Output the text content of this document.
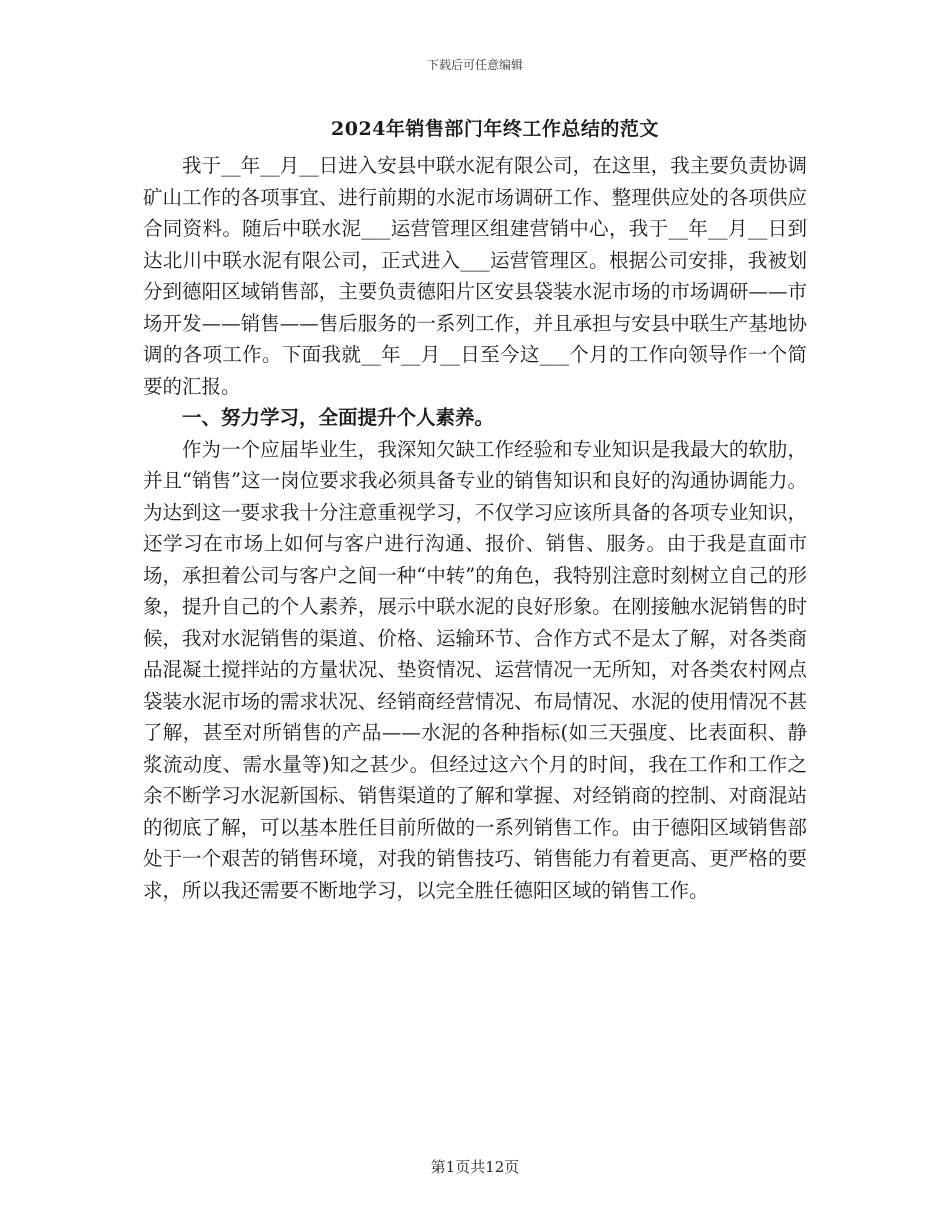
下载后可任意编辑
2024年销售部门年终工作总结的范文

我于__年__月__日进入安县中联水泥有限公司，在这里，我主要负责协调矿山工作的各项事宜、进行前期的水泥市场调研工作、整理供应处的各项供应合同资料。随后中联水泥___运营管理区组建营销中心，我于__年__月__日到达北川中联水泥有限公司，正式进入___运营管理区。根据公司安排，我被划分到德阳区域销售部，主要负责德阳片区安县袋装水泥市场的市场调研——市场开发——销售——售后服务的一系列工作，并且承担与安县中联生产基地协调的各项工作。下面我就__年__月__日至今这___个月的工作向领导作一个简要的汇报。

一、努力学习，全面提升个人素养。

作为一个应届毕业生，我深知欠缺工作经验和专业知识是我最大的软肋，并且“销售”这一岗位要求我必须具备专业的销售知识和良好的沟通协调能力。为达到这一要求我十分注意重视学习，不仅学习应该所具备的各项专业知识，还学习在市场上如何与客户进行沟通、报价、销售、服务。由于我是直面市场，承担着公司与客户之间一种“中转”的角色，我特别注意时刻树立自己的形象，提升自己的个人素养，展示中联水泥的良好形象。在刚接触水泥销售的时候，我对水泥销售的渠道、价格、运输环节、合作方式不是太了解，对各类商品混凝土搅拌站的方量状况、垫资情况、运营情况一无所知，对各类农村网点袋装水泥市场的需求状况、经销商经营情况、布局情况、水泥的使用情况不甚了解，甚至对所销售的产品——水泥的各种指标(如三天强度、比表面积、静浆流动度、需水量等)知之甚少。但经过这六个月的时间，我在工作和工作之余不断学习水泥新国标、销售渠道的了解和掌握、对经销商的控制、对商混站的彻底了解，可以基本胜任目前所做的一系列销售工作。由于德阳区域销售部处于一个艰苦的销售环境，对我的销售技巧、销售能力有着更高、更严格的要求，所以我还需要不断地学习，以完全胜任德阳区域的销售工作。

第1页共12页
